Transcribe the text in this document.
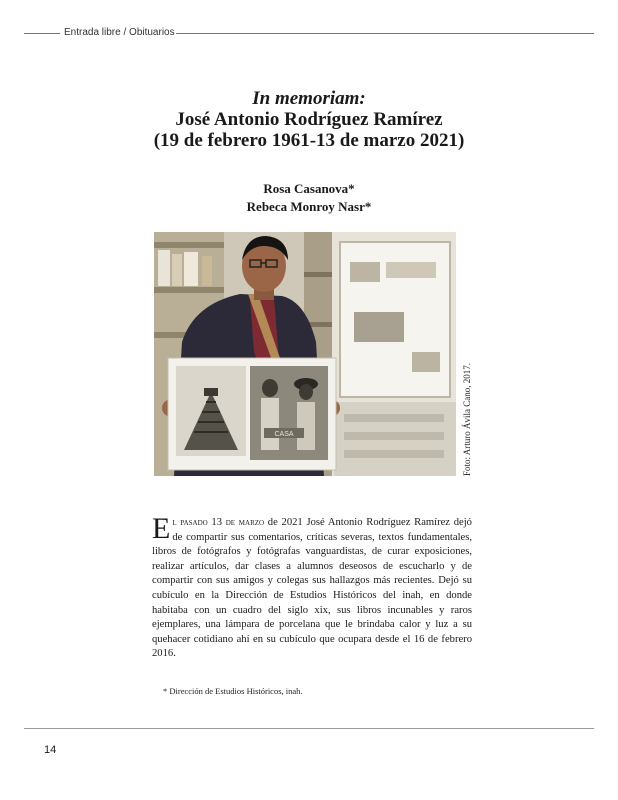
Entrada libre / Obituarios
In memoriam:
José Antonio Rodríguez Ramírez
(19 de febrero 1961-13 de marzo 2021)
Rosa Casanova*
Rebeca Monroy Nasr*
CASA	Foto: Arturo Ávila Cano, 2017.
El pasado 13 de marzo de 2021 José Antonio Rodríguez Ramírez dejó de compartir sus comentarios, críticas severas, textos fundamentales, libros de fotógrafos y fotógrafas vanguardistas, de curar exposiciones, realizar artículos, dar clases a alumnos deseosos de escucharlo y de compartir con sus amigos y colegas sus hallazgos más recientes. Dejó su cubículo en la Dirección de Estudios Históricos del inah, en donde habitaba con un cuadro del siglo xix, sus libros incunables y raros ejemplares, una lámpara de porcelana que le brindaba calor y luz a su quehacer cotidiano ahí en su cubículo que ocupara desde el 16 de febrero 2016.
* Dirección de Estudios Históricos, inah.
14
